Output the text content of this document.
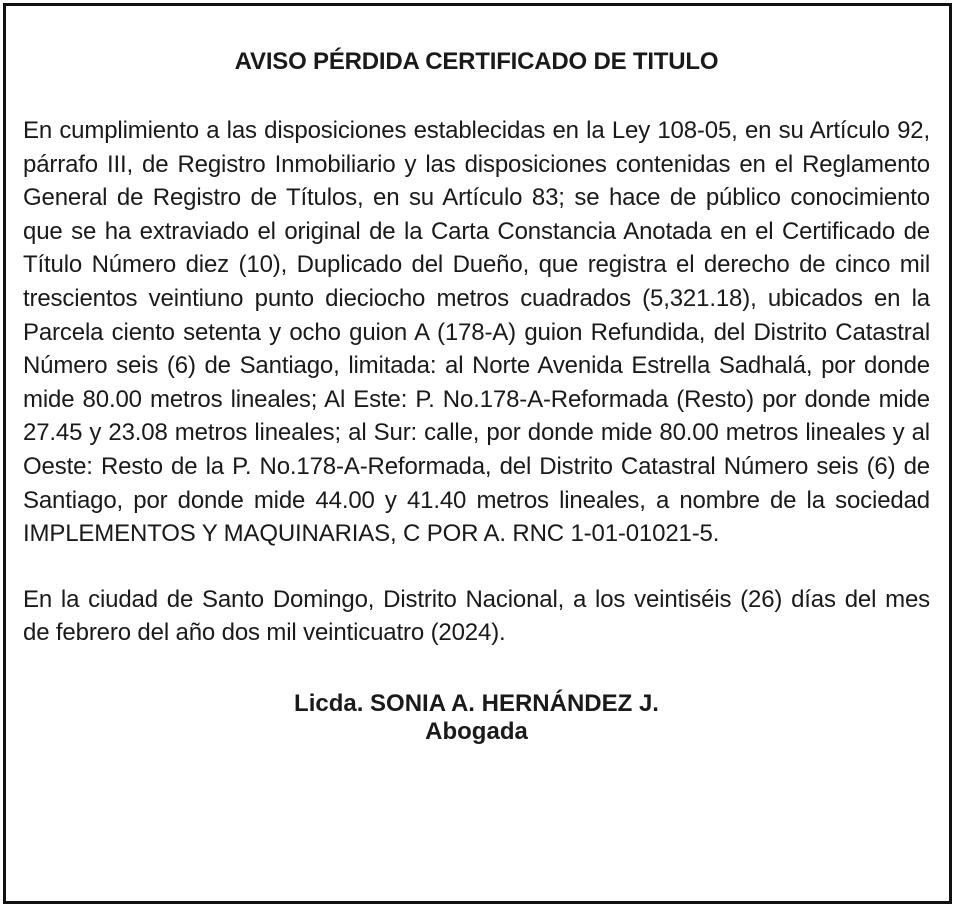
AVISO PÉRDIDA CERTIFICADO DE TITULO

En cumplimiento a las disposiciones establecidas en la Ley 108-05, en su Artículo 92, párrafo III, de Registro Inmobiliario y las disposiciones contenidas en el Reglamento General de Registro de Títulos, en su Artículo 83; se hace de público conocimiento que se ha extraviado el original de la Carta Constancia Anotada en el Certificado de Título Número diez (10), Duplicado del Dueño, que registra el derecho de cinco mil trescientos veintiuno punto dieciocho metros cuadrados (5,321.18), ubicados en la Parcela ciento setenta y ocho guion A (178-A) guion Refundida, del Distrito Catastral Número seis (6) de Santiago, limitada: al Norte Avenida Estrella Sadhalá, por donde mide 80.00 metros lineales; Al Este: P. No.178-A-Reformada (Resto) por donde mide 27.45 y 23.08 metros lineales; al Sur: calle, por donde mide 80.00 metros lineales y al Oeste: Resto de la P. No.178-A-Reformada, del Distrito Catastral Número seis (6) de Santiago, por donde mide 44.00 y 41.40 metros lineales, a nombre de la sociedad IMPLEMENTOS Y MAQUINARIAS, C POR A. RNC 1-01-01021-5.

En la ciudad de Santo Domingo, Distrito Nacional, a los veintiséis (26) días del mes de febrero del año dos mil veinticuatro (2024).

Licda. SONIA A. HERNÁNDEZ J.
Abogada
